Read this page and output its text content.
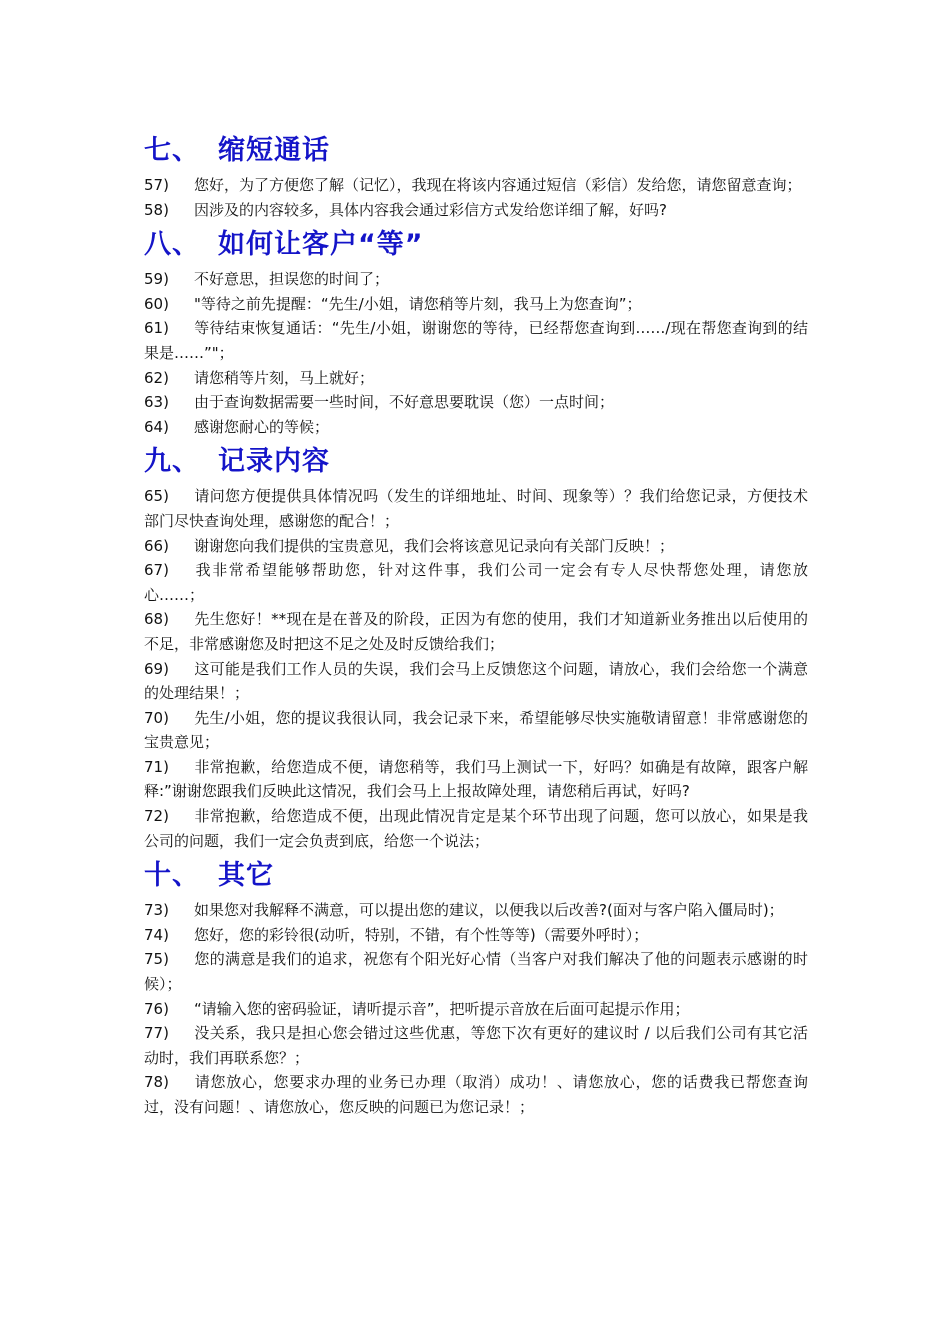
七、 缩短通话
57) 您好，为了方便您了解（记忆），我现在将该内容通过短信（彩信）发给您，请您留意查询；
58) 因涉及的内容较多，具体内容我会通过彩信方式发给您详细了解，好吗?
八、 如何让客户“等”
59) 不好意思，担误您的时间了；
60) "等待之前先提醒：“先生/小姐，请您稍等片刻，我马上为您查询”；
61) 等待结束恢复通话：“先生/小姐，谢谢您的等待，已经帮您查询到……/现在帮您查询到的结果是……”"；
62) 请您稍等片刻，马上就好；
63) 由于查询数据需要一些时间，不好意思要耽误（您）一点时间；
64) 感谢您耐心的等候；
九、 记录内容
65) 请问您方便提供具体情况吗（发生的详细地址、时间、现象等）？我们给您记录，方便技术部门尽快查询处理，感谢您的配合！；
66) 谢谢您向我们提供的宝贵意见，我们会将该意见记录向有关部门反映！；
67) 我非常希望能够帮助您，针对这件事，我们公司一定会有专人尽快帮您处理，请您放心……；
68) 先生您好！**现在是在普及的阶段，正因为有您的使用，我们才知道新业务推出以后使用的不足，非常感谢您及时把这不足之处及时反馈给我们；
69) 这可能是我们工作人员的失误，我们会马上反馈您这个问题，请放心，我们会给您一个满意的处理结果！；
70) 先生/小姐，您的提议我很认同，我会记录下来，希望能够尽快实施敬请留意！非常感谢您的宝贵意见；
71) 非常抱歉，给您造成不便，请您稍等，我们马上测试一下，好吗？如确是有故障，跟客户解释:”谢谢您跟我们反映此这情况，我们会马上上报故障处理，请您稍后再试，好吗?
72) 非常抱歉，给您造成不便，出现此情况肯定是某个环节出现了问题，您可以放心，如果是我公司的问题，我们一定会负责到底，给您一个说法；
十、 其它
73) 如果您对我解释不满意，可以提出您的建议，以便我以后改善?(面对与客户陷入僵局时)；
74) 您好，您的彩铃很(动听，特别，不错，有个性等等)（需要外呼时）；
75) 您的满意是我们的追求，祝您有个阳光好心情（当客户对我们解决了他的问题表示感谢的时候）；
76) “请输入您的密码验证，请听提示音”，把听提示音放在后面可起提示作用；
77) 没关系，我只是担心您会错过这些优惠，等您下次有更好的建议时 / 以后我们公司有其它活动时，我们再联系您？；
78) 请您放心，您要求办理的业务已办理（取消）成功！、请您放心，您的话费我已帮您查询过，没有问题！、请您放心，您反映的问题已为您记录！；
